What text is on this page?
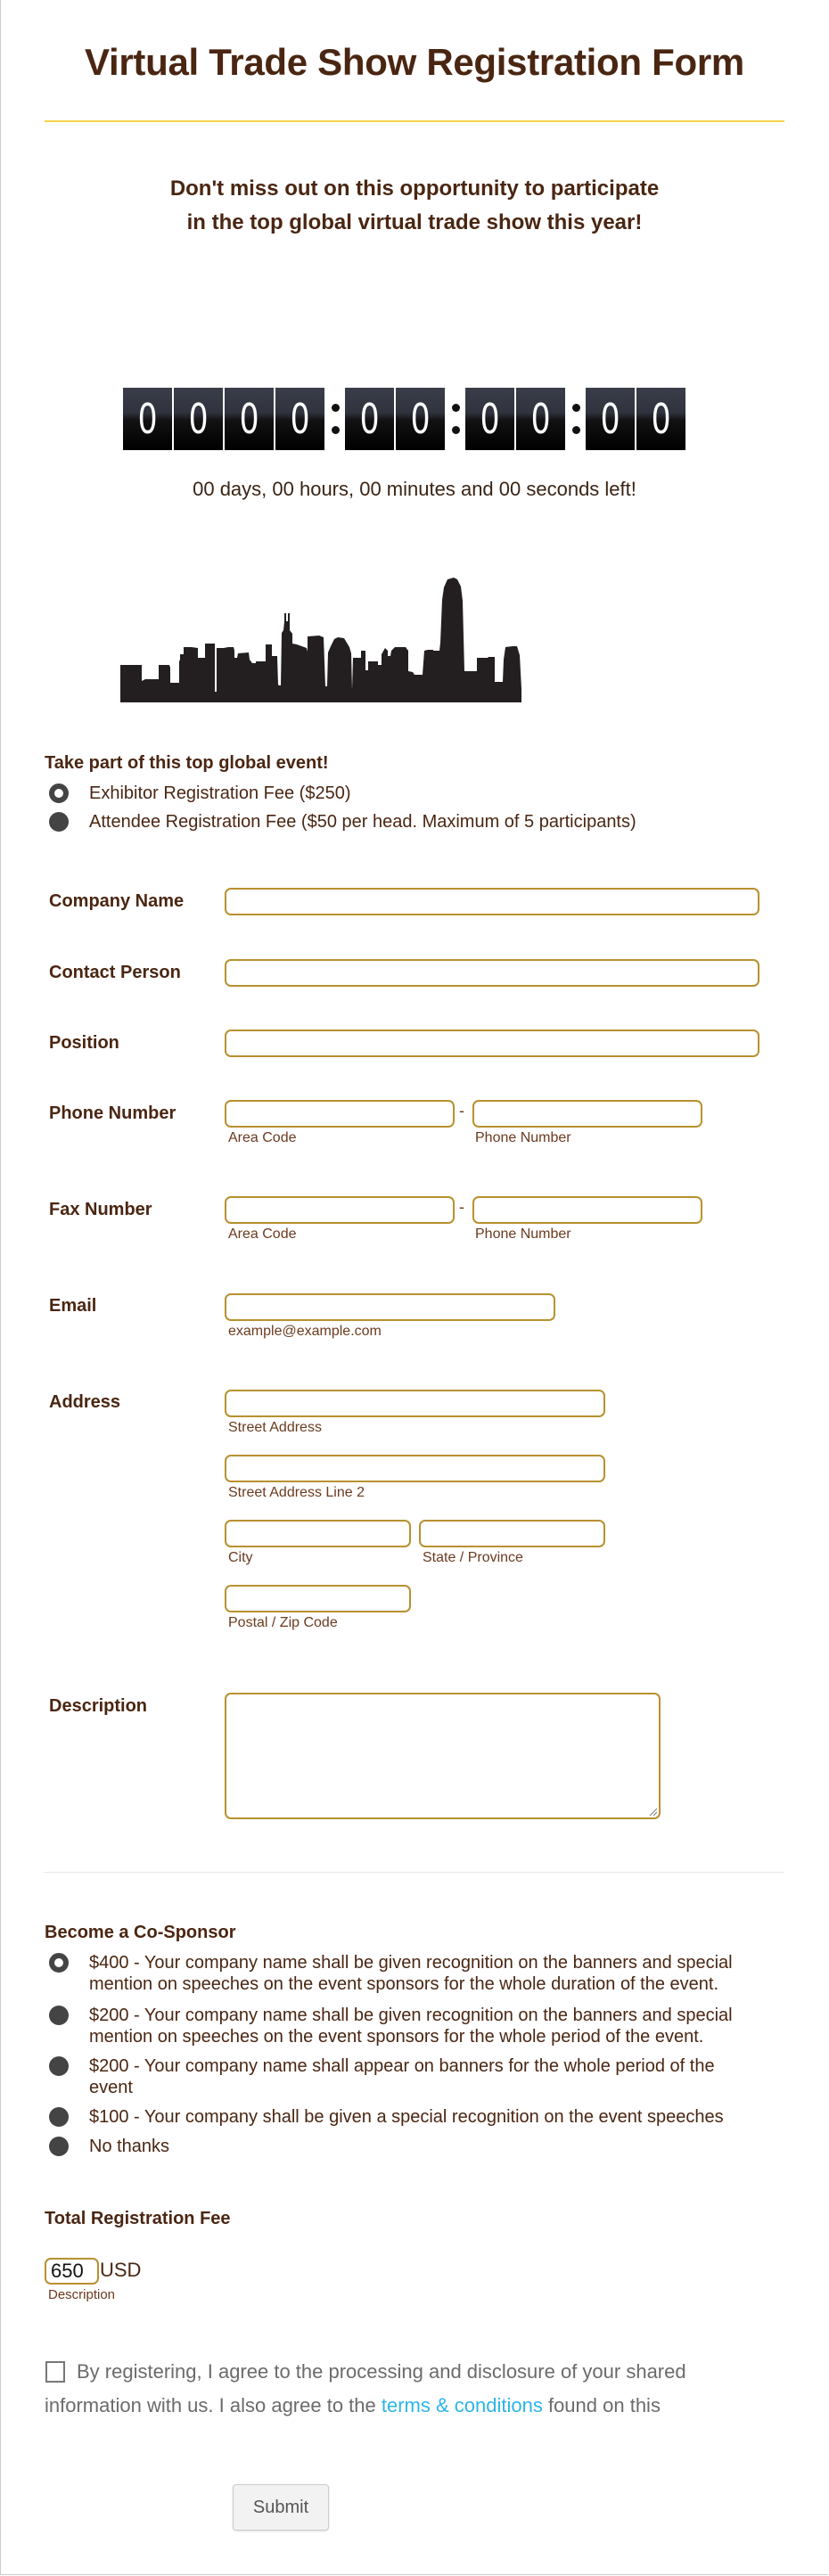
Virtual Trade Show Registration Form
Don't miss out on this opportunity to participate
in the top global virtual trade show this year!
0 0 0 0 0 0 0 0 0 0
00 days, 00 hours, 00 minutes and 00 seconds left!
Take part of this top global event!
Exhibitor Registration Fee ($250)
Attendee Registration Fee ($50 per head. Maximum of 5 participants)
Company Name
Contact Person
Position
Phone Number	-
Area Code	Phone Number
Fax Number	-
Area Code	Phone Number
Email
example@example.com
Address
Street Address
Street Address Line 2
City	State / Province
Postal / Zip Code
Description
Become a Co-Sponsor
$400 - Your company name shall be given recognition on the banners and special
mention on speeches on the event sponsors for the whole duration of the event.
$200 - Your company name shall be given recognition on the banners and special
mention on speeches on the event sponsors for the whole period of the event.
$200 - Your company name shall appear on banners for the whole period of the
event
$100 - Your company shall be given a special recognition on the event speeches
No thanks
Total Registration Fee
650 USD
Description
By registering, I agree to the processing and disclosure of your shared information with us. I also agree to the terms & conditions found on this
Submit
